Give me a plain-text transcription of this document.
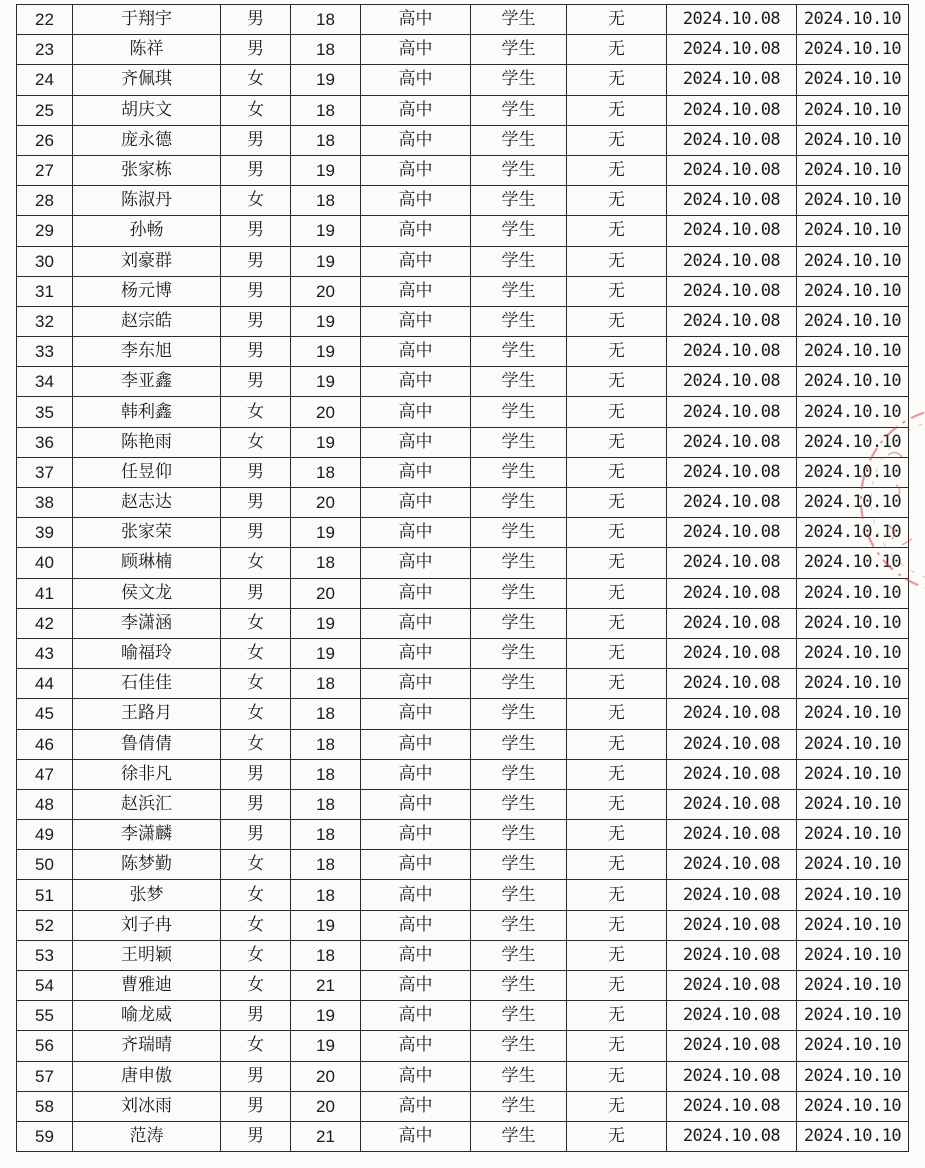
22	于翔宇	男	18	高中	学生	无	2024.10.08	2024.10.10
23	陈祥	男	18	高中	学生	无	2024.10.08	2024.10.10
24	齐佩琪	女	19	高中	学生	无	2024.10.08	2024.10.10
25	胡庆文	女	18	高中	学生	无	2024.10.08	2024.10.10
26	庞永德	男	18	高中	学生	无	2024.10.08	2024.10.10
27	张家栋	男	19	高中	学生	无	2024.10.08	2024.10.10
28	陈淑丹	女	18	高中	学生	无	2024.10.08	2024.10.10
29	孙畅	男	19	高中	学生	无	2024.10.08	2024.10.10
30	刘豪群	男	19	高中	学生	无	2024.10.08	2024.10.10
31	杨元博	男	20	高中	学生	无	2024.10.08	2024.10.10
32	赵宗皓	男	19	高中	学生	无	2024.10.08	2024.10.10
33	李东旭	男	19	高中	学生	无	2024.10.08	2024.10.10
34	李亚鑫	男	19	高中	学生	无	2024.10.08	2024.10.10
35	韩利鑫	女	20	高中	学生	无	2024.10.08	2024.10.10
36	陈艳雨	女	19	高中	学生	无	2024.10.08	2024.10.10
37	任昱仰	男	18	高中	学生	无	2024.10.08	2024.10.10
38	赵志达	男	20	高中	学生	无	2024.10.08	2024.10.10
39	张家荣	男	19	高中	学生	无	2024.10.08	2024.10.10
40	顾琳楠	女	18	高中	学生	无	2024.10.08	2024.10.10
41	侯文龙	男	20	高中	学生	无	2024.10.08	2024.10.10
42	李潇涵	女	19	高中	学生	无	2024.10.08	2024.10.10
43	喻福玲	女	19	高中	学生	无	2024.10.08	2024.10.10
44	石佳佳	女	18	高中	学生	无	2024.10.08	2024.10.10
45	王路月	女	18	高中	学生	无	2024.10.08	2024.10.10
46	鲁倩倩	女	18	高中	学生	无	2024.10.08	2024.10.10
47	徐非凡	男	18	高中	学生	无	2024.10.08	2024.10.10
48	赵浜汇	男	18	高中	学生	无	2024.10.08	2024.10.10
49	李潇麟	男	18	高中	学生	无	2024.10.08	2024.10.10
50	陈梦勤	女	18	高中	学生	无	2024.10.08	2024.10.10
51	张梦	女	18	高中	学生	无	2024.10.08	2024.10.10
52	刘子冉	女	19	高中	学生	无	2024.10.08	2024.10.10
53	王明颖	女	18	高中	学生	无	2024.10.08	2024.10.10
54	曹雅迪	女	21	高中	学生	无	2024.10.08	2024.10.10
55	喻龙威	男	19	高中	学生	无	2024.10.08	2024.10.10
56	齐瑞晴	女	19	高中	学生	无	2024.10.08	2024.10.10
57	唐申傲	男	20	高中	学生	无	2024.10.08	2024.10.10
58	刘冰雨	男	20	高中	学生	无	2024.10.08	2024.10.10
59	范涛	男	21	高中	学生	无	2024.10.08	2024.10.10
